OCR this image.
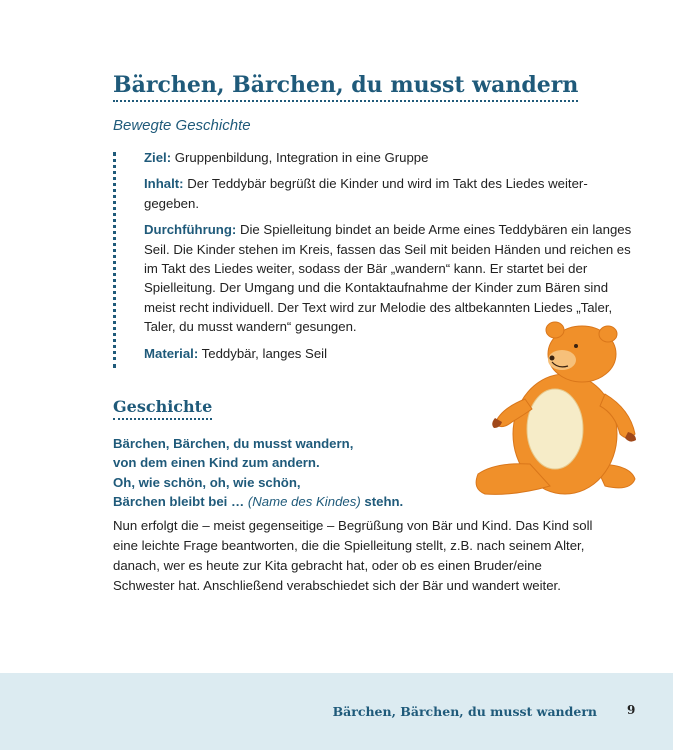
Bärchen, Bärchen, du musst wandern
Bewegte Geschichte

Ziel: Gruppenbildung, Integration in eine Gruppe

Inhalt: Der Teddybär begrüßt die Kinder und wird im Takt des Liedes weitergegeben.

Durchführung: Die Spielleitung bindet an beide Arme eines Teddybären ein langes Seil. Die Kinder stehen im Kreis, fassen das Seil mit beiden Händen und reichen es im Takt des Liedes weiter, sodass der Bär „wandern“ kann. Er startet bei der Spielleitung. Der Umgang und die Kontaktaufnahme der Kinder zum Bären sind meist recht individuell. Der Text wird zur Melodie des altbekannten Liedes „Taler, Taler, du musst wandern“ gesungen.

Material: Teddybär, langes Seil

Geschichte
Bärchen, Bärchen, du musst wandern,
von dem einen Kind zum andern.
Oh, wie schön, oh, wie schön,
Bärchen bleibt bei … (Name des Kindes) stehn.

Nun erfolgt die – meist gegenseitige – Begrüßung von Bär und Kind. Das Kind soll eine leichte Frage beantworten, die die Spielleitung stellt, z.B. nach seinem Alter, danach, wer es heute zur Kita gebracht hat, oder ob es einen Bruder/eine Schwester hat. Anschließend verabschiedet sich der Bär und wandert weiter.

Bärchen, Bärchen, du musst wandern	9
